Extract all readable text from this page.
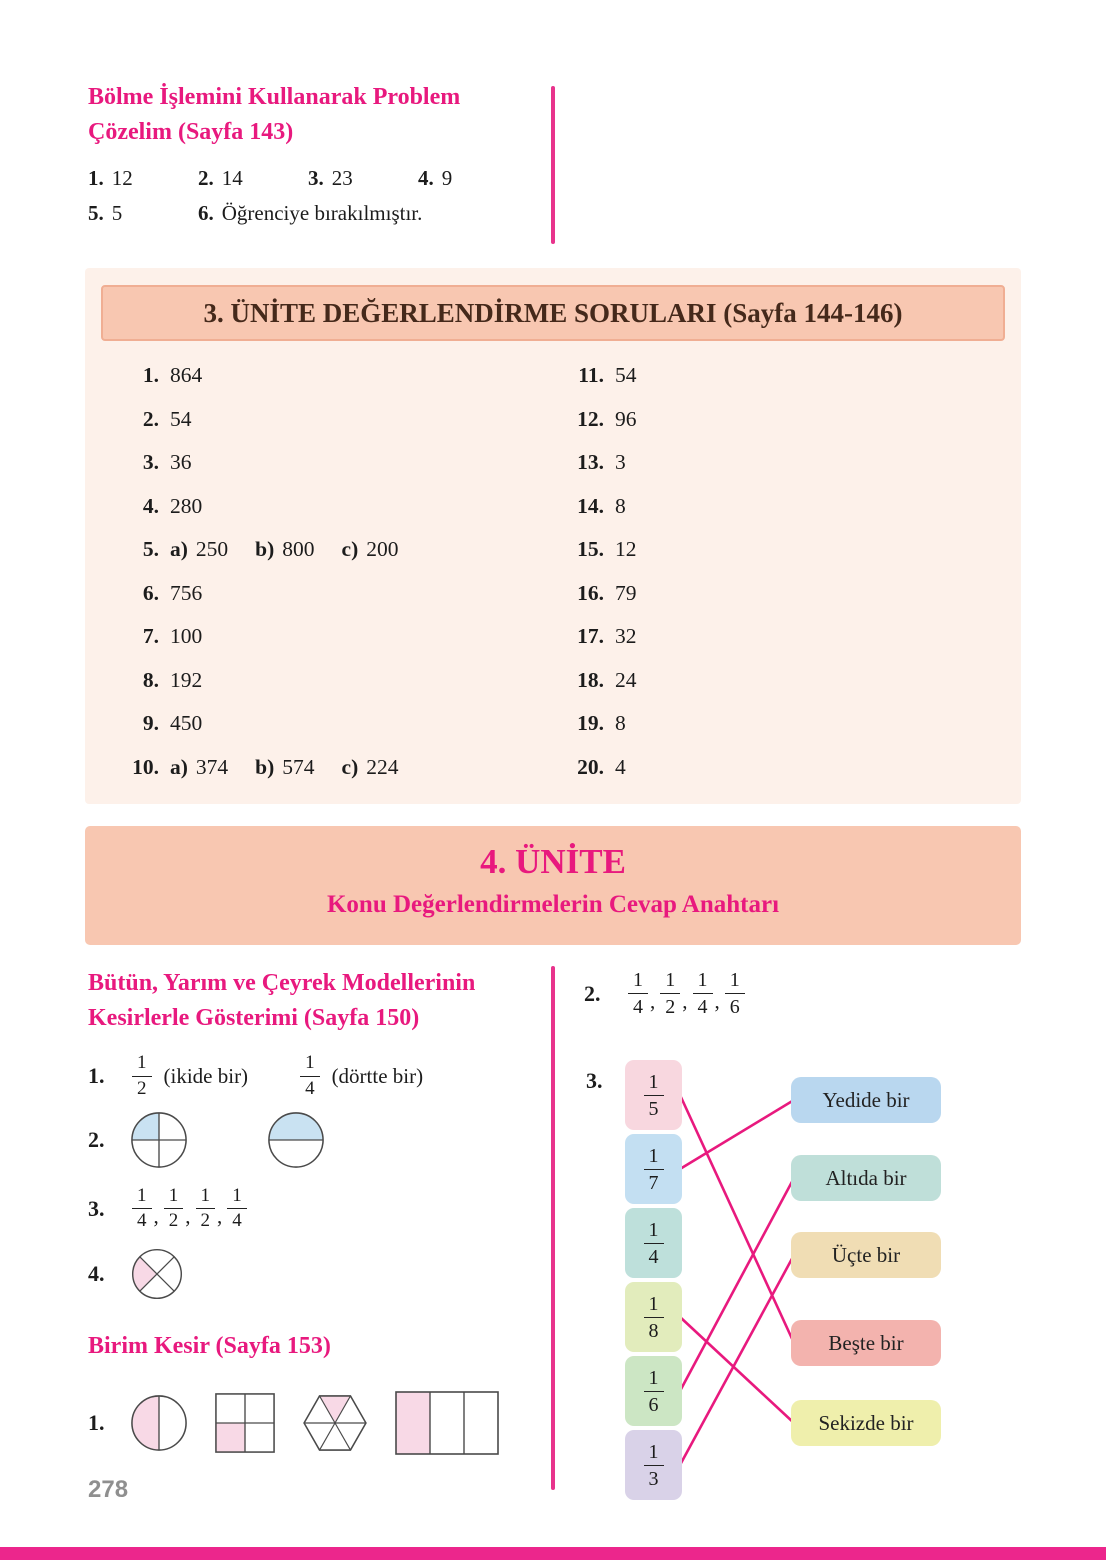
Bölme İşlemini Kullanarak Problem
Çözelim (Sayfa 143)
1. 12	2. 14	3. 23	4. 9
5. 5	6. Öğrenciye bırakılmıştır.
3. ÜNİTE DEĞERLENDİRME SORULARI (Sayfa 144-146)
1. 864
2. 54
3. 36
4. 280
5. a) 250 b) 800 c) 200
6. 756
7. 100
8. 192
9. 450
10. a) 374 b) 574 c) 224
11. 54
12. 96
13. 3
14. 8
15. 12
16. 79
17. 32
18. 24
19. 8
20. 4
4. ÜNİTE
Konu Değerlendirmelerin Cevap Anahtarı
Bütün, Yarım ve Çeyrek Modellerinin
Kesirlerle Gösterimi (Sayfa 150)
1.	$\frac{1}{2}$ (ikide bir)	$\frac{1}{4}$ (dörtte bir)
2.
3.	$\frac{1}{4}$ , $\frac{1}{2}$ , $\frac{1}{2}$ , $\frac{1}{4}$
4.
Birim Kesir (Sayfa 153)
1.
2.	$\frac{1}{4}$ , $\frac{1}{2}$ , $\frac{1}{4}$ , $\frac{1}{6}$
3.	$\frac{1}{5}$
$\frac{1}{7}$
$\frac{1}{4}$
$\frac{1}{8}$
$\frac{1}{6}$
$\frac{1}{3}$
Yedide bir
Altıda bir
Üçte bir
Beşte bir
Sekizde bir
278
